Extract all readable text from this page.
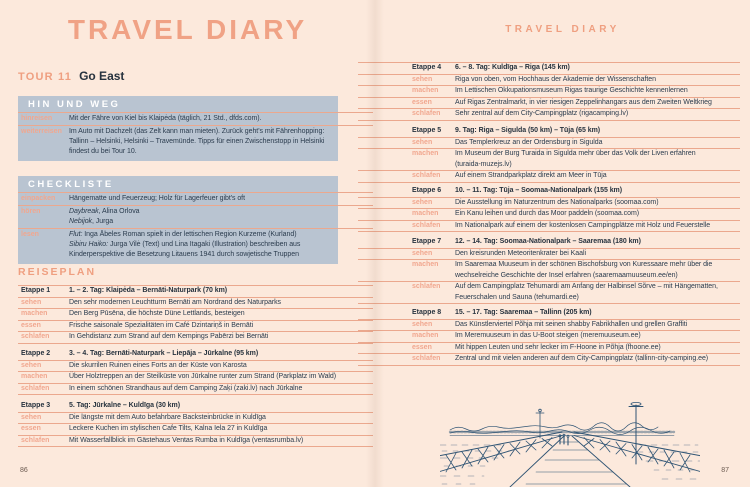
TRAVEL DIARY
TOUR 11 Go East
HIN UND WEG
hinreisen	Mit der Fähre von Kiel bis Klaipėda (täglich, 21 Std., dfds.com).
weiterreisen	Im Auto mit Dachzelt (das Zelt kann man mieten). Zurück geht's mit Fährenhopping:
Tallinn – Helsinki, Helsinki – Travemünde. Tipps für einen Zwischenstopp in Helsinki
findest du bei Tour 10.
CHECKLISTE
einpacken	Hängematte und Feuerzeug; Holz für Lagerfeuer gibt's oft
hören	Daybreak, Alina Orlova
Nebijok, Jurga
lesen	Flut: Inga Ābeles Roman spielt in der lettischen Region Kurzeme (Kurland)
Sibiru Haiko: Jurga Vilė (Text) und Lina Itagaki (Illustration) beschreiben aus
Kinderperspektive die Besetzung Litauens 1941 durch sowjetische Truppen
REISEPLAN
Etappe 1	1. – 2. Tag: Klaipėda – Bernāti-Naturpark (70 km)
sehen	Den sehr modernen Leuchtturm Bernāti am Nordrand des Naturparks
machen	Den Berg Pūsēna, die höchste Düne Lettlands, besteigen
essen	Frische saisonale Spezialitäten im Café Dzintariņš in Bernāti
schlafen	In Gehdistanz zum Strand auf dem Kempings Pabērzi bei Bernāti
Etappe 2	3. – 4. Tag: Bernāti-Naturpark – Liepāja – Jūrkalne (95 km)
sehen	Die skurrilen Ruinen eines Forts an der Küste von Karosta
machen	Über Holztreppen an der Steilküste von Jūrkalne runter zum Strand (Parkplatz im Wald)
schlafen	In einem schönen Strandhaus auf dem Camping Zaķi (zaki.lv) nach Jūrkalne
Etappe 3	5. Tag: Jūrkalne – Kuldīga (30 km)
sehen	Die längste mit dem Auto befahrbare Backsteinbrücke in Kuldīga
essen	Leckere Kuchen im stylischen Cafe Tilts, Kalna Iela 27 in Kuldīga
schlafen	Mit Wasserfallblick im Gästehaus Ventas Rumba in Kuldīga (ventasrumba.lv)
86
TRAVEL DIARY
Etappe 4	6. – 8. Tag: Kuldīga – Riga (145 km)
sehen	Riga von oben, vom Hochhaus der Akademie der Wissenschaften
machen	Im Lettischen Okkupationsmuseum Rigas traurige Geschichte kennenlernen
essen	Auf Rigas Zentralmarkt, in vier riesigen Zeppelinhangars aus dem Zweiten Weltkrieg
schlafen	Sehr zentral auf dem City-Campingplatz (rigacamping.lv)
Etappe 5	9. Tag: Riga – Sigulda (50 km) – Tūja (65 km)
sehen	Das Templerkreuz an der Ordensburg in Sigulda
machen	Im Museum der Burg Turaida in Sigulda mehr über das Volk der Liven erfahren
(turaida-muzejs.lv)
schlafen	Auf einem Strandparkplatz direkt am Meer in Tūja
Etappe 6	10. – 11. Tag: Tūja – Soomaa-Nationalpark (155 km)
sehen	Die Ausstellung im Naturzentrum des Nationalparks (soomaa.com)
machen	Ein Kanu leihen und durch das Moor paddeln (soomaa.com)
schlafen	Im Nationalpark auf einem der kostenlosen Campingplätze mit Holz und Feuerstelle
Etappe 7	12. – 14. Tag: Soomaa-Nationalpark – Saaremaa (180 km)
sehen	Den kreisrunden Meteoritenkrater bei Kaali
machen	Im Saaremaa Muuseum in der schönen Bischofsburg von Kuressaare mehr über die
wechselreiche Geschichte der Insel erfahren (saaremaamuuseum.ee/en)
schlafen	Auf dem Campingplatz Tehumardi am Anfang der Halbinsel Sõrve – mit Hängematten,
Feuerschalen und Sauna (tehumardi.ee)
Etappe 8	15. – 17. Tag: Saaremaa – Tallinn (205 km)
sehen	Das Künstlerviertel Põhja mit seinen shabby Fabrikhallen und grellen Graffiti
machen	Im Meremuuseum in das U-Boot steigen (meremuuseum.ee)
essen	Mit hippen Leuten und sehr lecker im F-Hoone in Põhja (fhoone.ee)
schlafen	Zentral und mit vielen anderen auf dem City-Campingplatz (tallinn-city-camping.ee)
87
